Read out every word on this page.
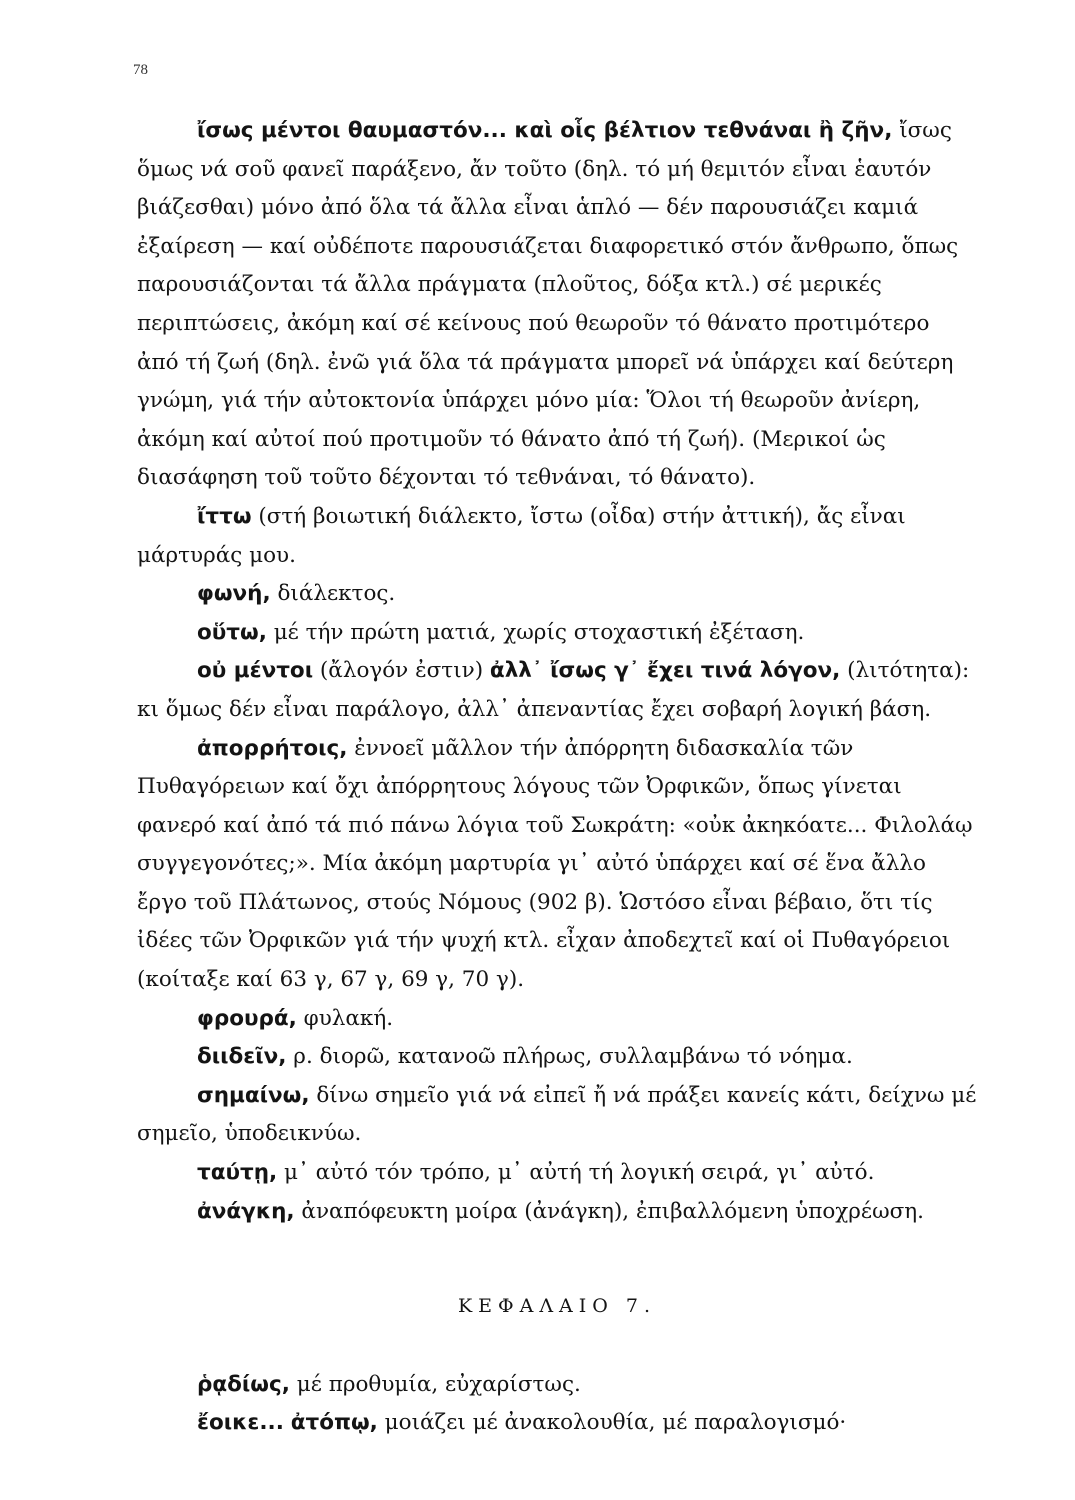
78

ἴσως μέντοι θαυμαστόν... καὶ οἷς βέλτιον τεθνάναι ἢ ζῆν, ἴσως ὅμως νά σοῦ φανεῖ παράξενο, ἄν τοῦτο (δηλ. τό μή θεμιτόν εἶναι ἑαυτόν βιάζεσθαι) μόνο ἀπό ὅλα τά ἄλλα εἶναι ἁπλό — δέν παρουσιάζει καμιά ἐξαίρεση — καί οὐδέποτε παρουσιάζεται διαφορετικό στόν ἄνθρωπο, ὅπως παρουσιάζονται τά ἄλλα πράγματα (πλοῦτος, δόξα κτλ.) σέ μερικές περιπτώσεις, ἀκόμη καί σέ κείνους πού θεωροῦν τό θάνατο προτιμότερο ἀπό τή ζωή (δηλ. ἐνῶ γιά ὅλα τά πράγματα μπορεῖ νά ὑπάρχει καί δεύτερη γνώμη, γιά τήν αὐτοκτονία ὑπάρχει μόνο μία: Ὅλοι τή θεωροῦν ἀνίερη, ἀκόμη καί αὐτοί πού προτιμοῦν τό θάνατο ἀπό τή ζωή). (Μερικοί ὡς διασάφηση τοῦ τοῦτο δέχονται τό τεθνάναι, τό θάνατο).

ἴττω (στή βοιωτική διάλεκτο, ἴστω (οἶδα) στήν ἀττική), ἄς εἶναι μάρτυράς μου.

φωνή, διάλεκτος.

οὕτω, μέ τήν πρώτη ματιά, χωρίς στοχαστική ἐξέταση.

οὐ μέντοι (ἄλογόν ἐστιν) ἀλλ᾿ ἴσως γ᾿ ἔχει τινά λόγον, (λιτότητα): κι ὅμως δέν εἶναι παράλογο, ἀλλ᾿ ἀπεναντίας ἔχει σοβαρή λογική βάση.

ἀπορρήτοις, ἐννοεῖ μᾶλλον τήν ἀπόρρητη διδασκαλία τῶν Πυθαγόρειων καί ὄχι ἀπόρρητους λόγους τῶν Ὀρφικῶν, ὅπως γίνεται φανερό καί ἀπό τά πιό πάνω λόγια τοῦ Σωκράτη: «οὐκ ἀκηκόατε... Φιλολάῳ συγγεγονότες;». Μία ἀκόμη μαρτυρία γι᾿ αὐτό ὑπάρχει καί σέ ἕνα ἄλλο ἔργο τοῦ Πλάτωνος, στούς Νόμους (902 β). Ὡστόσο εἶναι βέβαιο, ὅτι τίς ἰδέες τῶν Ὀρφικῶν γιά τήν ψυχή κτλ. εἶχαν ἀποδεχτεῖ καί οἱ Πυθαγόρειοι (κοίταξε καί 63 γ, 67 γ, 69 γ, 70 γ).

φρουρά, φυλακή.

διιδεῖν, ρ. διορῶ, κατανοῶ πλήρως, συλλαμβάνω τό νόημα.

σημαίνω, δίνω σημεῖο γιά νά εἰπεῖ ἤ νά πράξει κανείς κάτι, δείχνω μέ σημεῖο, ὑποδεικνύω.

ταύτῃ, μ᾿ αὐτό τόν τρόπο, μ᾿ αὐτή τή λογική σειρά, γι᾿ αὐτό.

ἀνάγκη, ἀναπόφευκτη μοίρα (ἀνάγκη), ἐπιβαλλόμενη ὑποχρέωση.

ΚΕΦΑΛΑΙΟ 7.

ῥᾳδίως, μέ προθυμία, εὐχαρίστως.

ἔοικε... ἀτόπῳ, μοιάζει μέ ἀνακολουθία, μέ παραλογισμό·
